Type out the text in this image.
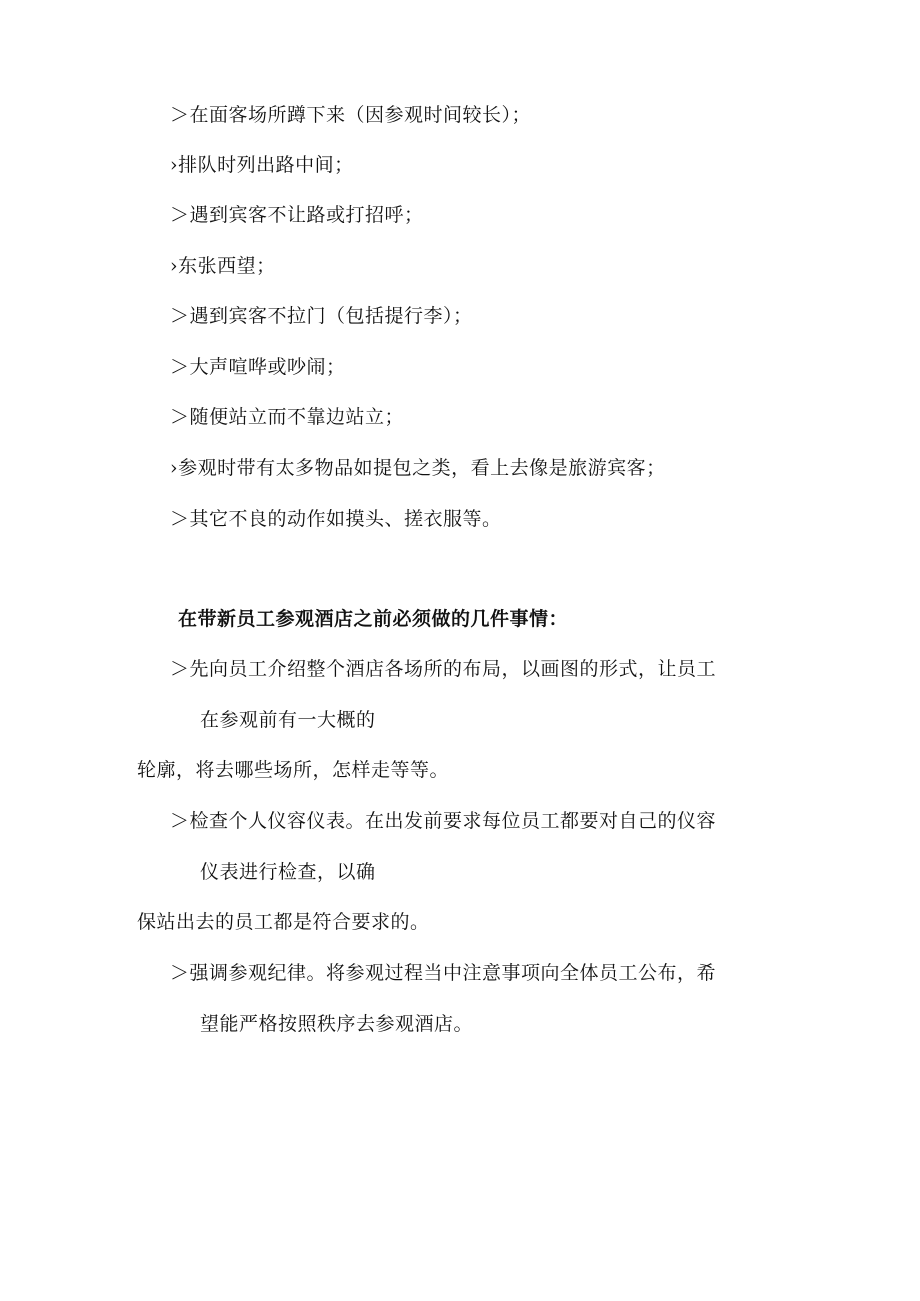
＞在面客场所蹲下来（因参观时间较长）；
›排队时列出路中间；
＞遇到宾客不让路或打招呼；
›东张西望；
＞遇到宾客不拉门（包括提行李）；
＞大声喧哗或吵闹；
＞随便站立而不靠边站立；
›参观时带有太多物品如提包之类，看上去像是旅游宾客；
＞其它不良的动作如摸头、搓衣服等。
在带新员工参观酒店之前必须做的几件事情：
＞先向员工介绍整个酒店各场所的布局，以画图的形式，让员工
在参观前有一大概的
轮廓，将去哪些场所，怎样走等等。
＞检查个人仪容仪表。在出发前要求每位员工都要对自己的仪容
仪表进行检查，以确
保站出去的员工都是符合要求的。
＞强调参观纪律。将参观过程当中注意事项向全体员工公布，希
望能严格按照秩序去参观酒店。
